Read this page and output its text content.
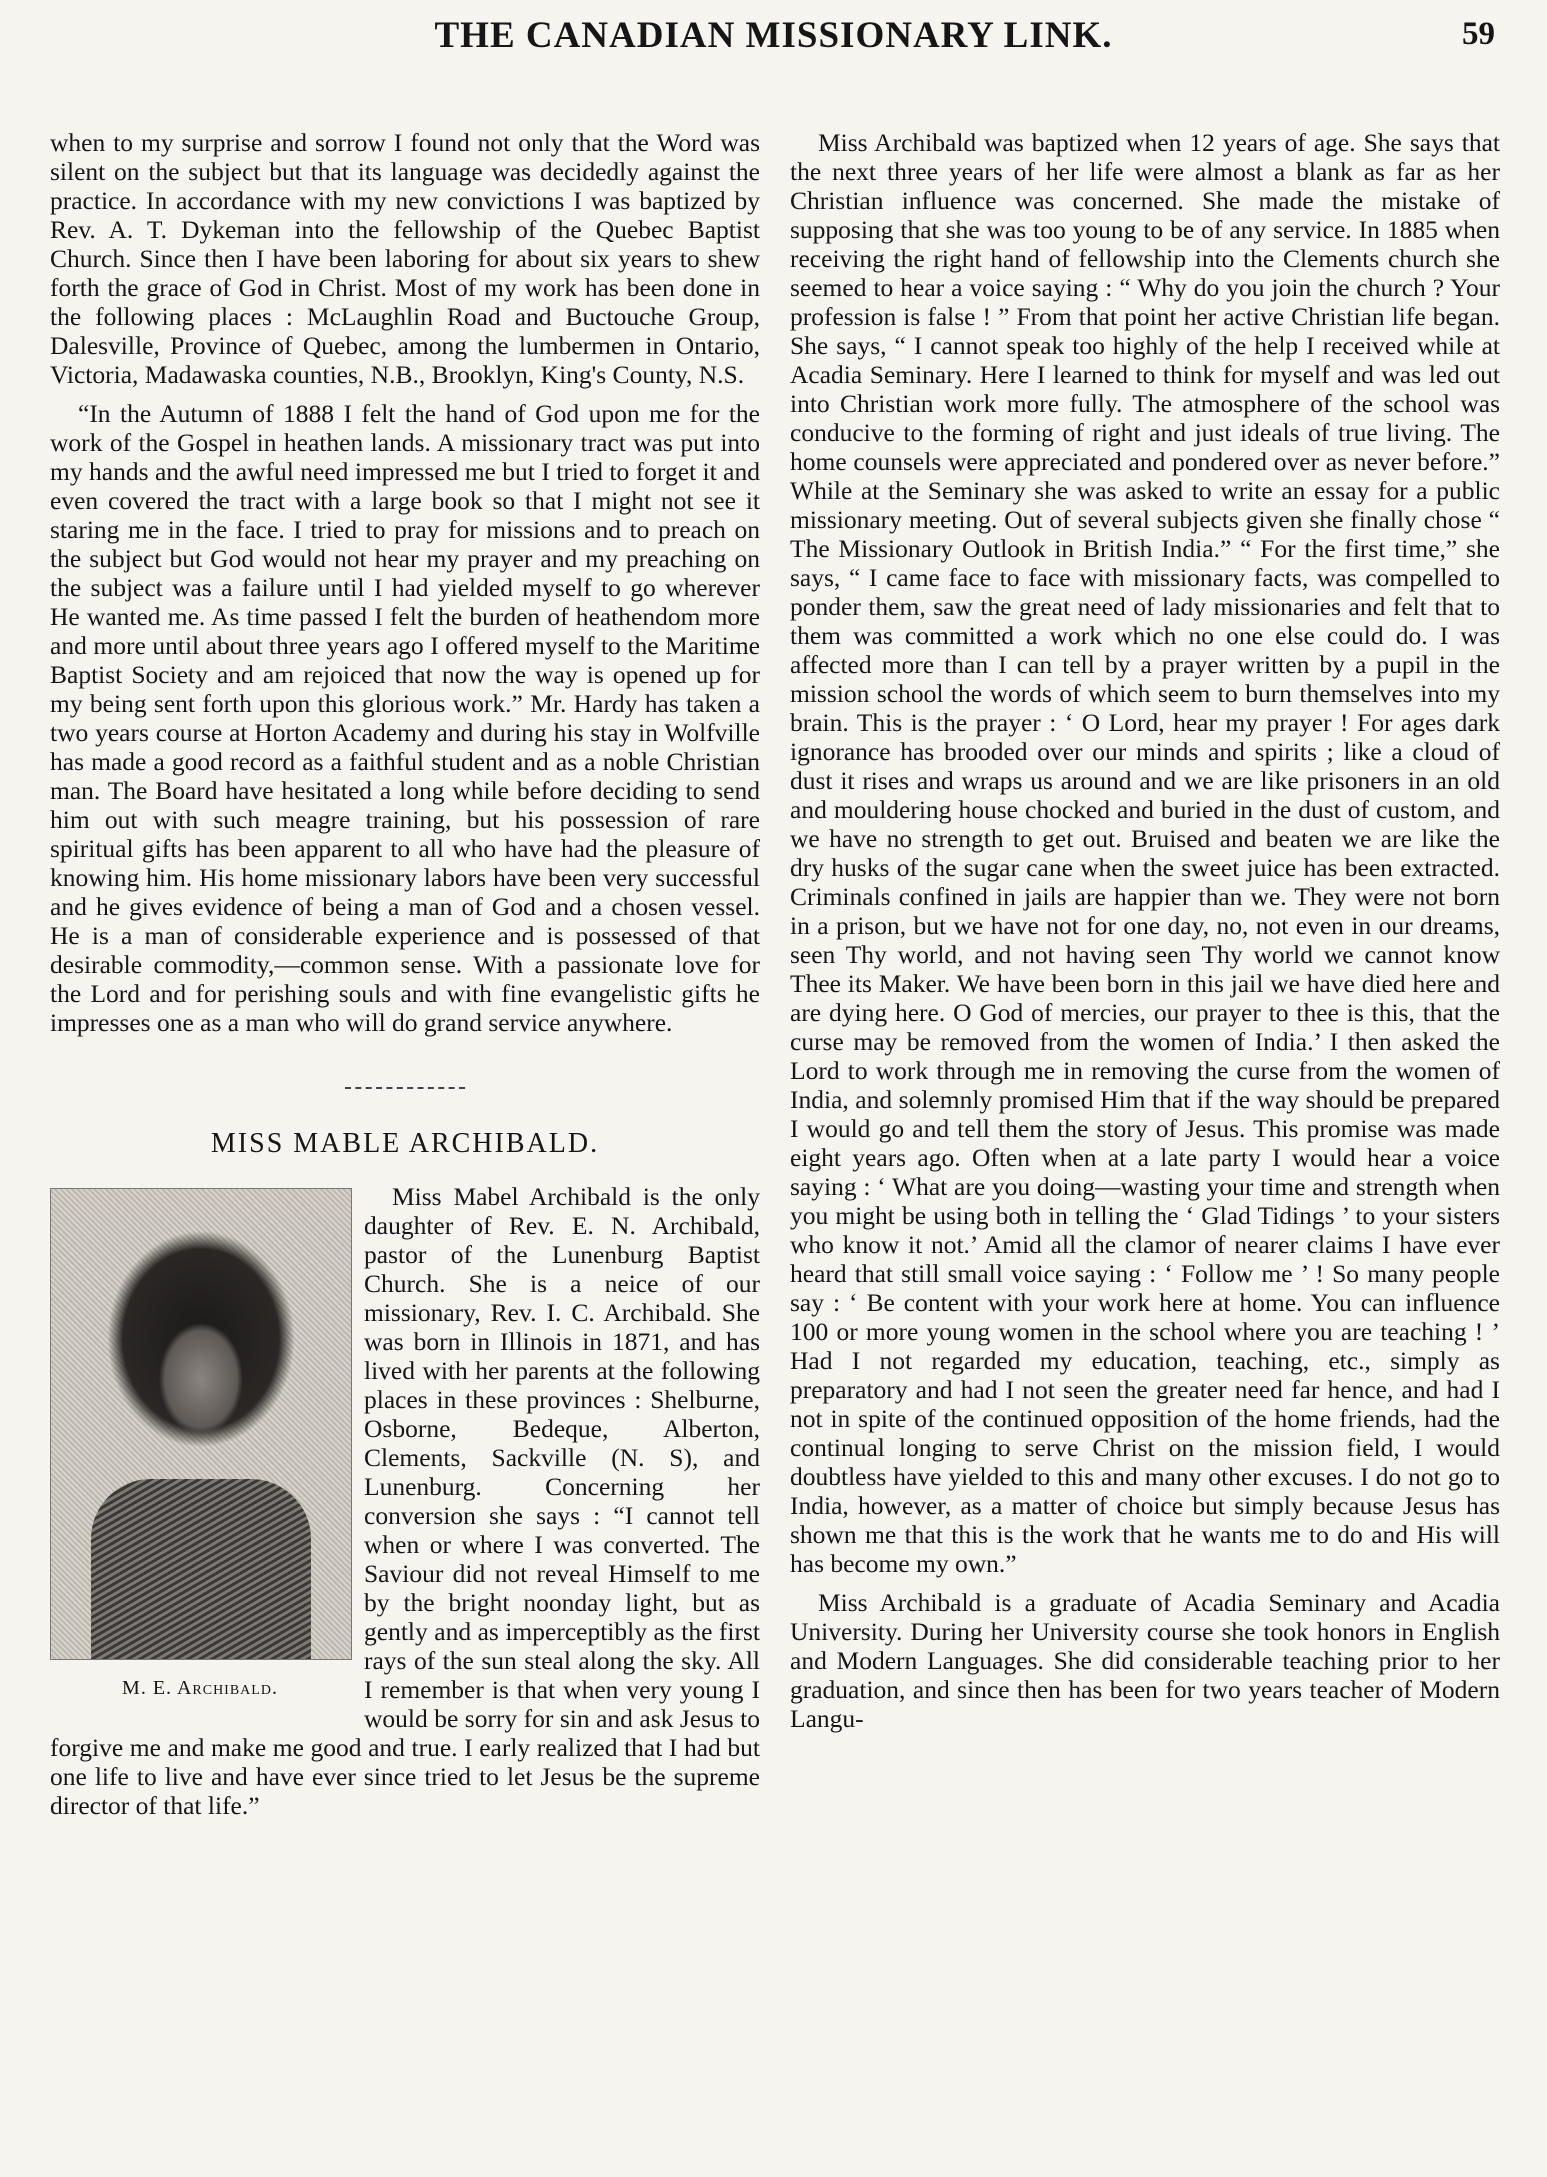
THE CANADIAN MISSIONARY LINK.	59

when to my surprise and sorrow I found not only that the Word was silent on the subject but that its language was decidedly against the practice. In accordance with my new convictions I was baptized by Rev. A. T. Dykeman into the fellowship of the Quebec Baptist Church. Since then I have been laboring for about six years to shew forth the grace of God in Christ. Most of my work has been done in the following places : McLaughlin Road and Buctouche Group, Dalesville, Province of Quebec, among the lumbermen in Ontario, Victoria, Madawaska counties, N.B., Brooklyn, King's County, N.S.

“In the Autumn of 1888 I felt the hand of God upon me for the work of the Gospel in heathen lands. A missionary tract was put into my hands and the awful need impressed me but I tried to forget it and even covered the tract with a large book so that I might not see it staring me in the face. I tried to pray for missions and to preach on the subject but God would not hear my prayer and my preaching on the subject was a failure until I had yielded myself to go wherever He wanted me. As time passed I felt the burden of heathendom more and more until about three years ago I offered myself to the Maritime Baptist Society and am rejoiced that now the way is opened up for my being sent forth upon this glorious work.” Mr. Hardy has taken a two years course at Horton Academy and during his stay in Wolfville has made a good record as a faithful student and as a noble Christian man. The Board have hesitated a long while before deciding to send him out with such meagre training, but his possession of rare spiritual gifts has been apparent to all who have had the pleasure of knowing him. His home missionary labors have been very successful and he gives evidence of being a man of God and a chosen vessel. He is a man of considerable experience and is possessed of that desirable commodity,—common sense. With a passionate love for the Lord and for perishing souls and with fine evangelistic gifts he impresses one as a man who will do grand service anywhere.

MISS MABLE ARCHIBALD.
M. E. Archibald.

Miss Mabel Archibald is the only daughter of Rev. E. N. Archibald, pastor of the Lunenburg Baptist Church. She is a neice of our missionary, Rev. I. C. Archibald. She was born in Illinois in 1871, and has lived with her parents at the following places in these provinces : Shelburne, Osborne, Bedeque, Alberton, Clements, Sackville (N. S), and Lunenburg. Concerning her conversion she says : “I cannot tell when or where I was converted. The Saviour did not reveal Himself to me by the bright noonday light, but as gently and as imperceptibly as the first rays of the sun steal along the sky. All I remember is that when very young I would be sorry for sin and ask Jesus to forgive me and make me good and true. I early realized that I had but one life to live and have ever since tried to let Jesus be the supreme director of that life.”

Miss Archibald was baptized when 12 years of age. She says that the next three years of her life were almost a blank as far as her Christian influence was concerned. She made the mistake of supposing that she was too young to be of any service. In 1885 when receiving the right hand of fellowship into the Clements church she seemed to hear a voice saying : “ Why do you join the church ? Your profession is false ! ” From that point her active Christian life began. She says, “ I cannot speak too highly of the help I received while at Acadia Seminary. Here I learned to think for myself and was led out into Christian work more fully. The atmosphere of the school was conducive to the forming of right and just ideals of true living. The home counsels were appreciated and pondered over as never before.” While at the Seminary she was asked to write an essay for a public missionary meeting. Out of several subjects given she finally chose “ The Missionary Outlook in British India.” “ For the first time,” she says, “ I came face to face with missionary facts, was compelled to ponder them, saw the great need of lady missionaries and felt that to them was committed a work which no one else could do. I was affected more than I can tell by a prayer written by a pupil in the mission school the words of which seem to burn themselves into my brain. This is the prayer : ‘ O Lord, hear my prayer ! For ages dark ignorance has brooded over our minds and spirits ; like a cloud of dust it rises and wraps us around and we are like prisoners in an old and mouldering house chocked and buried in the dust of custom, and we have no strength to get out. Bruised and beaten we are like the dry husks of the sugar cane when the sweet juice has been extracted. Criminals confined in jails are happier than we. They were not born in a prison, but we have not for one day, no, not even in our dreams, seen Thy world, and not having seen Thy world we cannot know Thee its Maker. We have been born in this jail we have died here and are dying here. O God of mercies, our prayer to thee is this, that the curse may be removed from the women of India.’ I then asked the Lord to work through me in removing the curse from the women of India, and solemnly promised Him that if the way should be prepared I would go and tell them the story of Jesus. This promise was made eight years ago. Often when at a late party I would hear a voice saying : ‘ What are you doing—wasting your time and strength when you might be using both in telling the ‘ Glad Tidings ’ to your sisters who know it not.’ Amid all the clamor of nearer claims I have ever heard that still small voice saying : ‘ Follow me ’ ! So many people say : ‘ Be content with your work here at home. You can influence 100 or more young women in the school where you are teaching ! ’ Had I not regarded my education, teaching, etc., simply as preparatory and had I not seen the greater need far hence, and had I not in spite of the continued opposition of the home friends, had the continual longing to serve Christ on the mission field, I would doubtless have yielded to this and many other excuses. I do not go to India, however, as a matter of choice but simply because Jesus has shown me that this is the work that he wants me to do and His will has become my own.”

Miss Archibald is a graduate of Acadia Seminary and Acadia University. During her University course she took honors in English and Modern Languages. She did considerable teaching prior to her graduation, and since then has been for two years teacher of Modern Langu-
